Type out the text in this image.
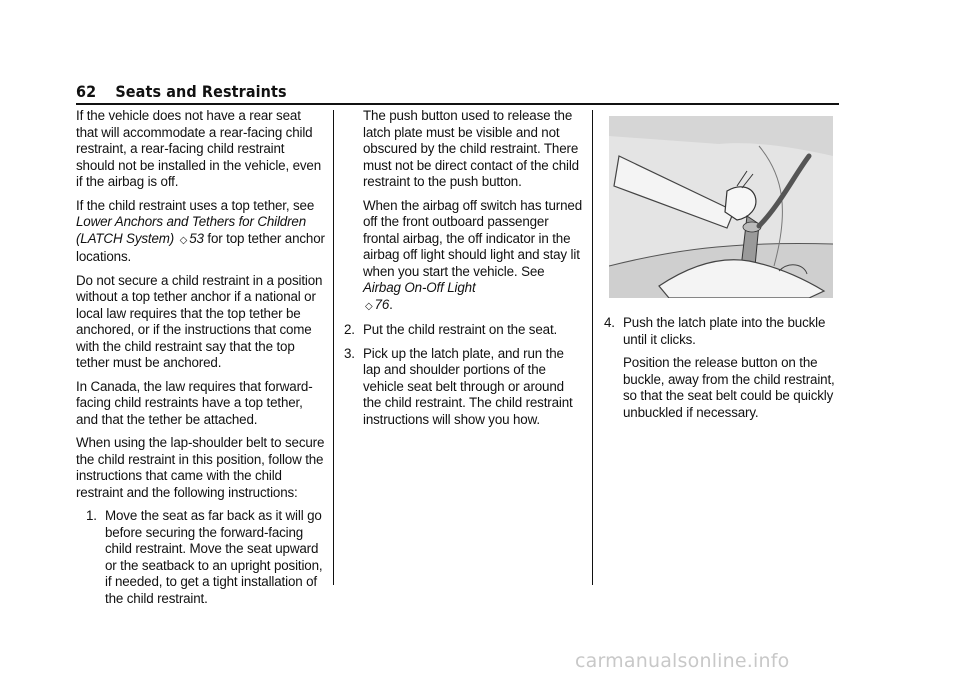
62 Seats and Restraints

If the vehicle does not have a rear seat that will accommodate a rear-facing child restraint, a rear-facing child restraint should not be installed in the vehicle, even if the airbag is off.

If the child restraint uses a top tether, see Lower Anchors and Tethers for Children (LATCH System) ◇ 53 for top tether anchor locations.

Do not secure a child restraint in a position without a top tether anchor if a national or local law requires that the top tether be anchored, or if the instructions that come with the child restraint say that the top tether must be anchored.

In Canada, the law requires that forward-facing child restraints have a top tether, and that the tether be attached.

When using the lap-shoulder belt to secure the child restraint in this position, follow the instructions that came with the child restraint and the following instructions:

1. Move the seat as far back as it will go before securing the forward-facing child restraint. Move the seat upward or the seatback to an upright position, if needed, to get a tight installation of the child restraint.

The push button used to release the latch plate must be visible and not obscured by the child restraint. There must not be direct contact of the child restraint to the push button.

When the airbag off switch has turned off the front outboard passenger frontal airbag, the off indicator in the airbag off light should light and stay lit when you start the vehicle. See Airbag On-Off Light
◇ 76.

2. Put the child restraint on the seat.

3. Pick up the latch plate, and run the lap and shoulder portions of the vehicle seat belt through or around the child restraint. The child restraint instructions will show you how.

4. Push the latch plate into the buckle until it clicks.

Position the release button on the buckle, away from the child restraint, so that the seat belt could be quickly unbuckled if necessary.

carmanualsonline.info
